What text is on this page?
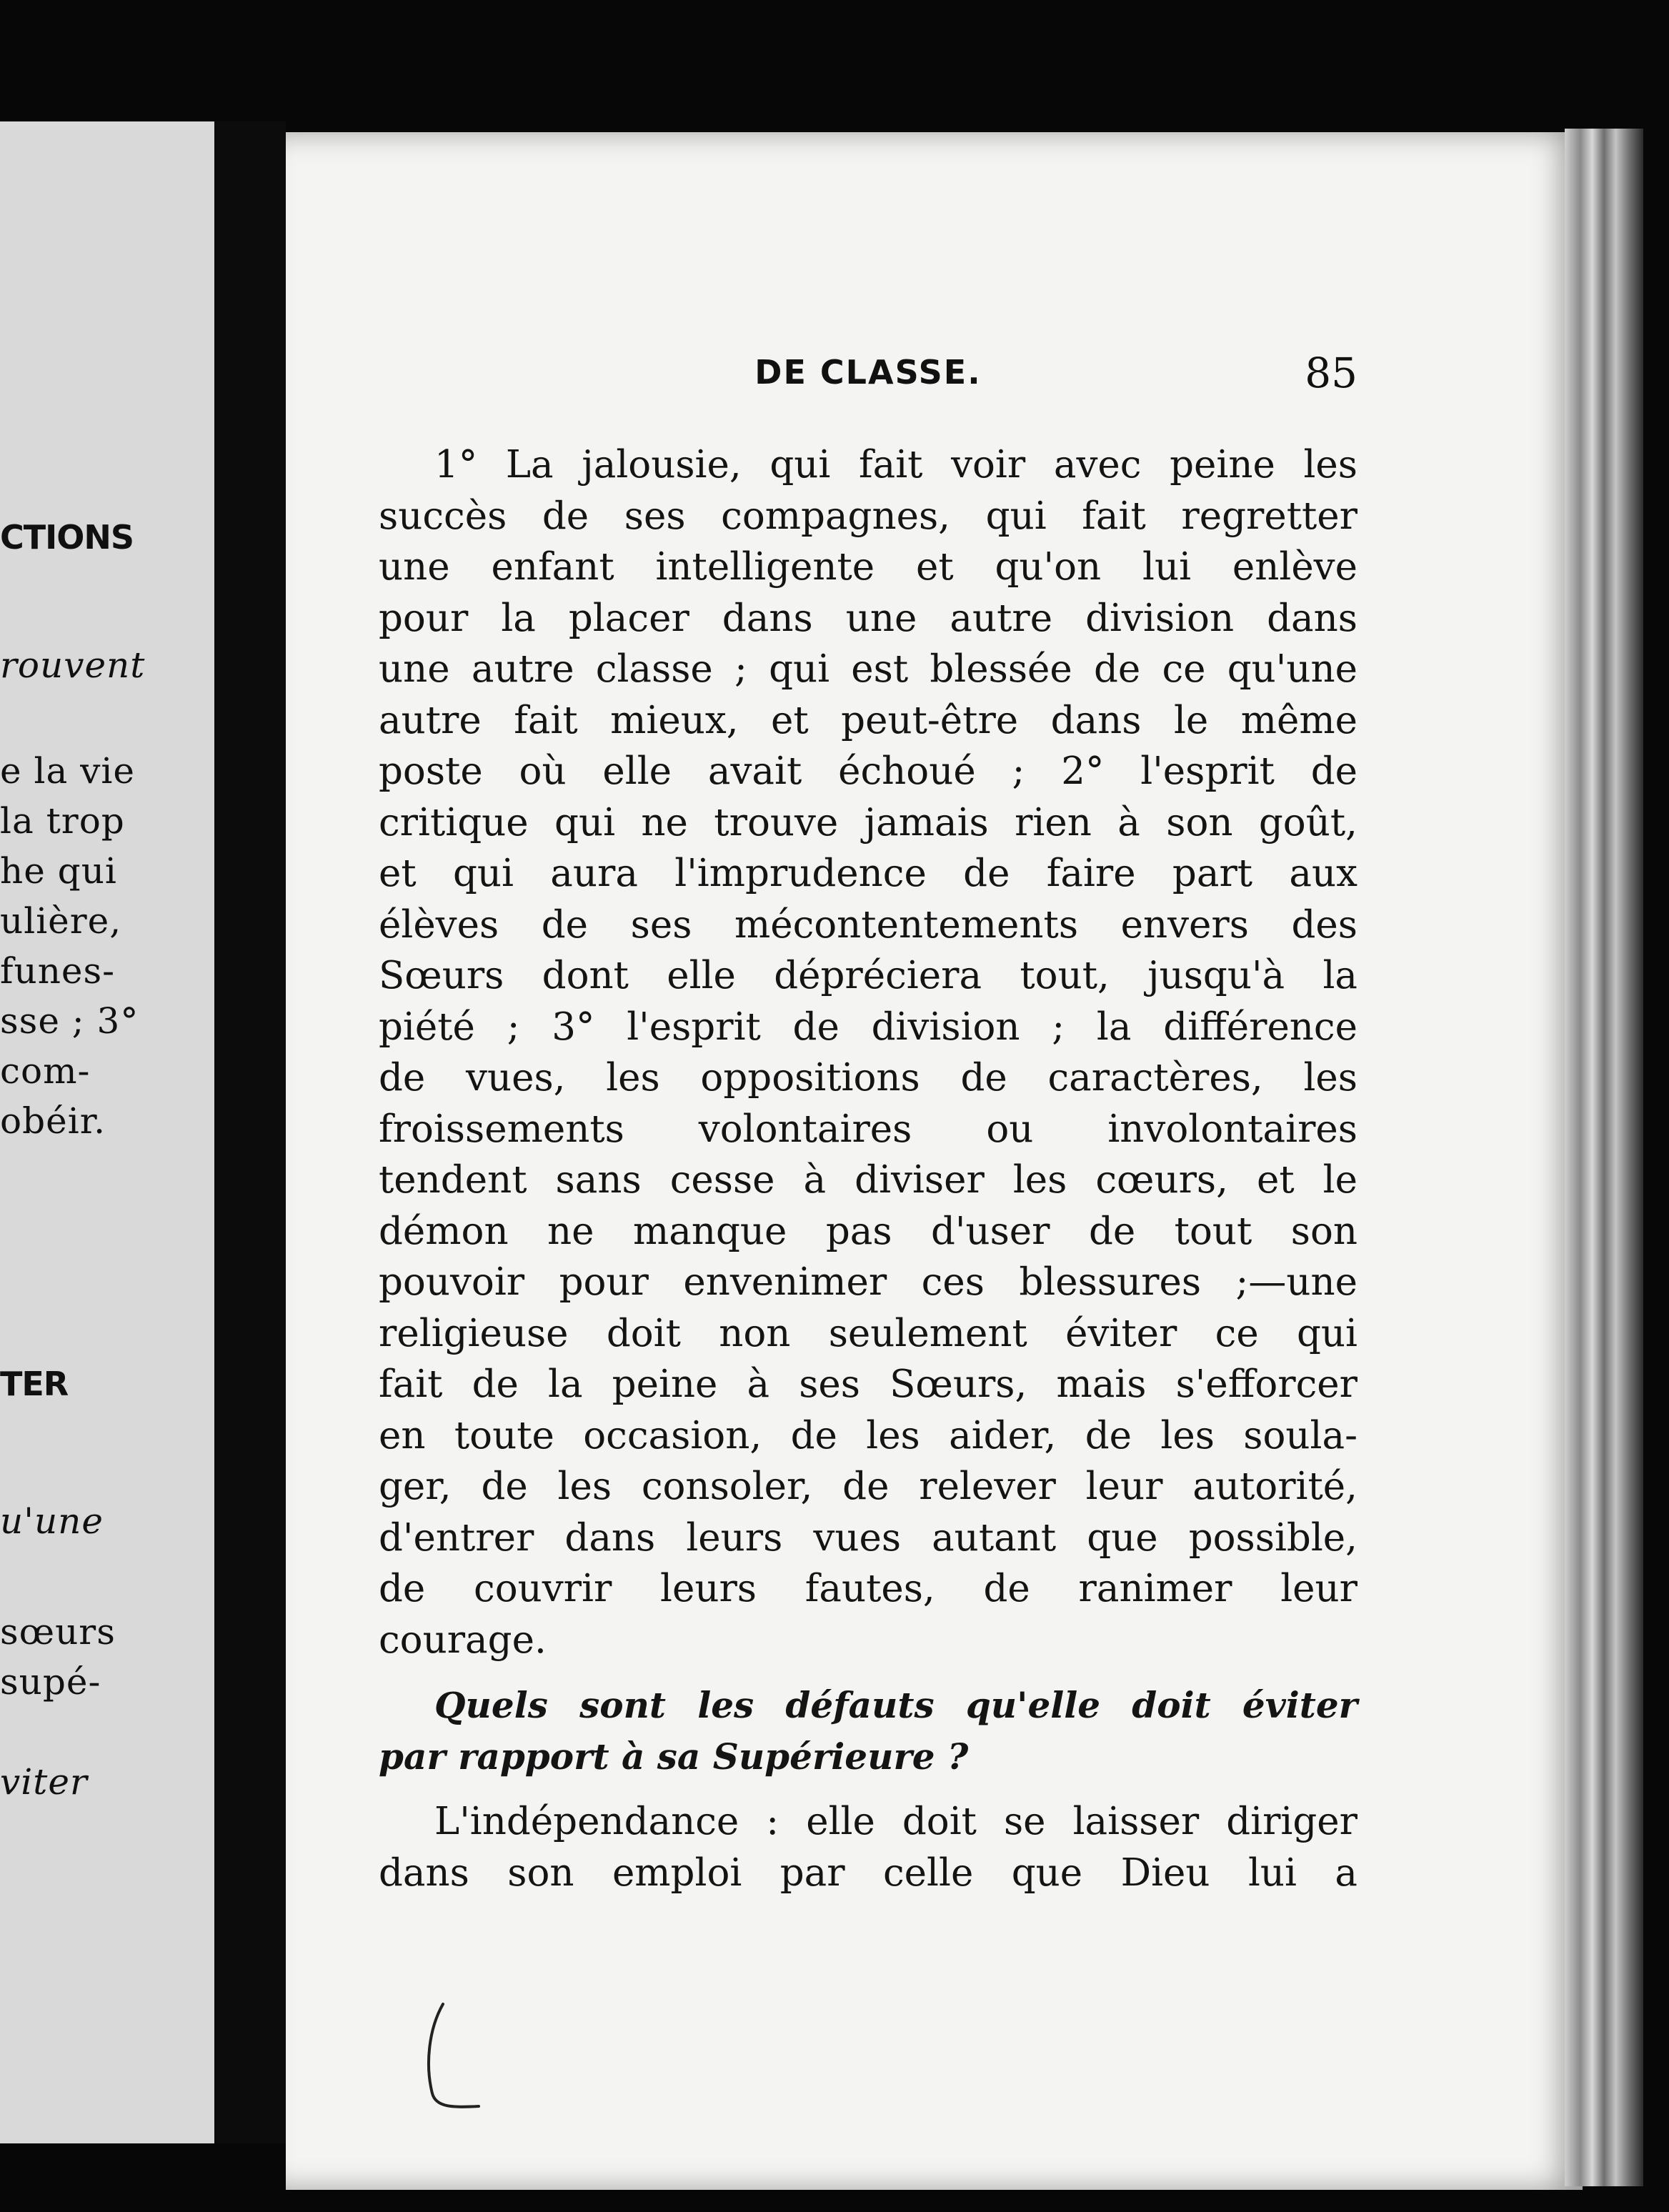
CTIONS
rouvent
e la vie
la trop
he qui
ulière,
funes-
sse ; 3°
com-
obéir.
TER
u'une
sœurs
supé-
viter
DE CLASSE.	85
1° La jalousie, qui fait voir avec peine les
succès de ses compagnes, qui fait regretter
une enfant intelligente et qu'on lui enlève
pour la placer dans une autre division dans
une autre classe ; qui est blessée de ce qu'une
autre fait mieux, et peut-être dans le même
poste où elle avait échoué ; 2° l'esprit de
critique qui ne trouve jamais rien à son goût,
et qui aura l'imprudence de faire part aux
élèves de ses mécontentements envers des
Sœurs dont elle dépréciera tout, jusqu'à la
piété ; 3° l'esprit de division ; la différence
de vues, les oppositions de caractères, les
froissements volontaires ou involontaires
tendent sans cesse à diviser les cœurs, et le
démon ne manque pas d'user de tout son
pouvoir pour envenimer ces blessures ;—une
religieuse doit non seulement éviter ce qui
fait de la peine à ses Sœurs, mais s'efforcer
en toute occasion, de les aider, de les soula-
ger, de les consoler, de relever leur autorité,
d'entrer dans leurs vues autant que possible,
de couvrir leurs fautes, de ranimer leur
courage.
Quels sont les défauts qu'elle doit éviter
par rapport à sa Supérieure ?
L'indépendance : elle doit se laisser diriger
dans son emploi par celle que Dieu lui a
